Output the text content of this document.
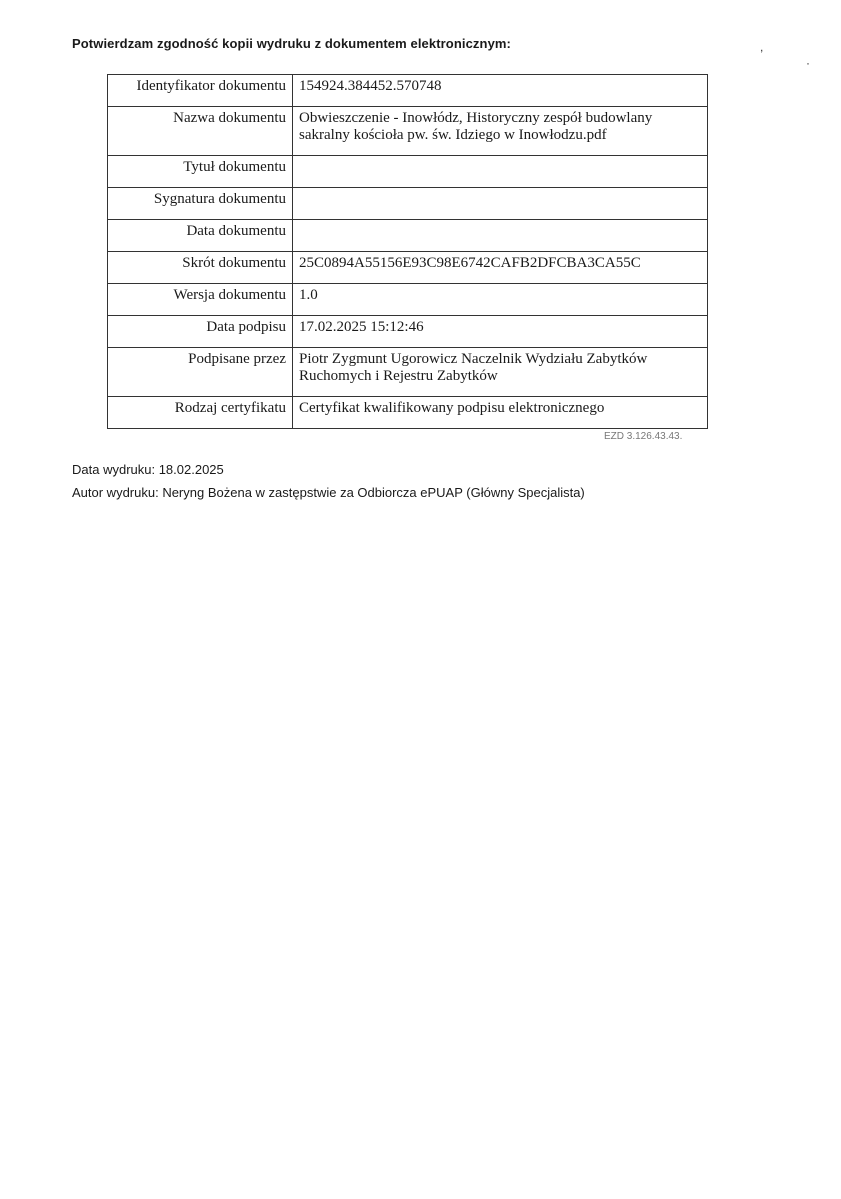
Potwierdzam zgodność kopii wydruku z dokumentem elektronicznym:	,
·
Identyfikator dokumentu	154924.384452.570748
Nazwa dokumentu	Obwieszczenie - Inowłódz, Historyczny zespół budowlany sakralny kościoła pw. św. Idziego w Inowłodzu.pdf
Tytuł dokumentu	
Sygnatura dokumentu	
Data dokumentu	
Skrót dokumentu	25C0894A55156E93C98E6742CAFB2DFCBA3CA55C
Wersja dokumentu	1.0
Data podpisu	17.02.2025 15:12:46
Podpisane przez	Piotr Zygmunt Ugorowicz Naczelnik Wydziału Zabytków Ruchomych i Rejestru Zabytków
Rodzaj certyfikatu	Certyfikat kwalifikowany podpisu elektronicznego
EZD 3.126.43.43.
Data wydruku: 18.02.2025
Autor wydruku: Neryng Bożena w zastępstwie za Odbiorcza ePUAP (Główny Specjalista)
